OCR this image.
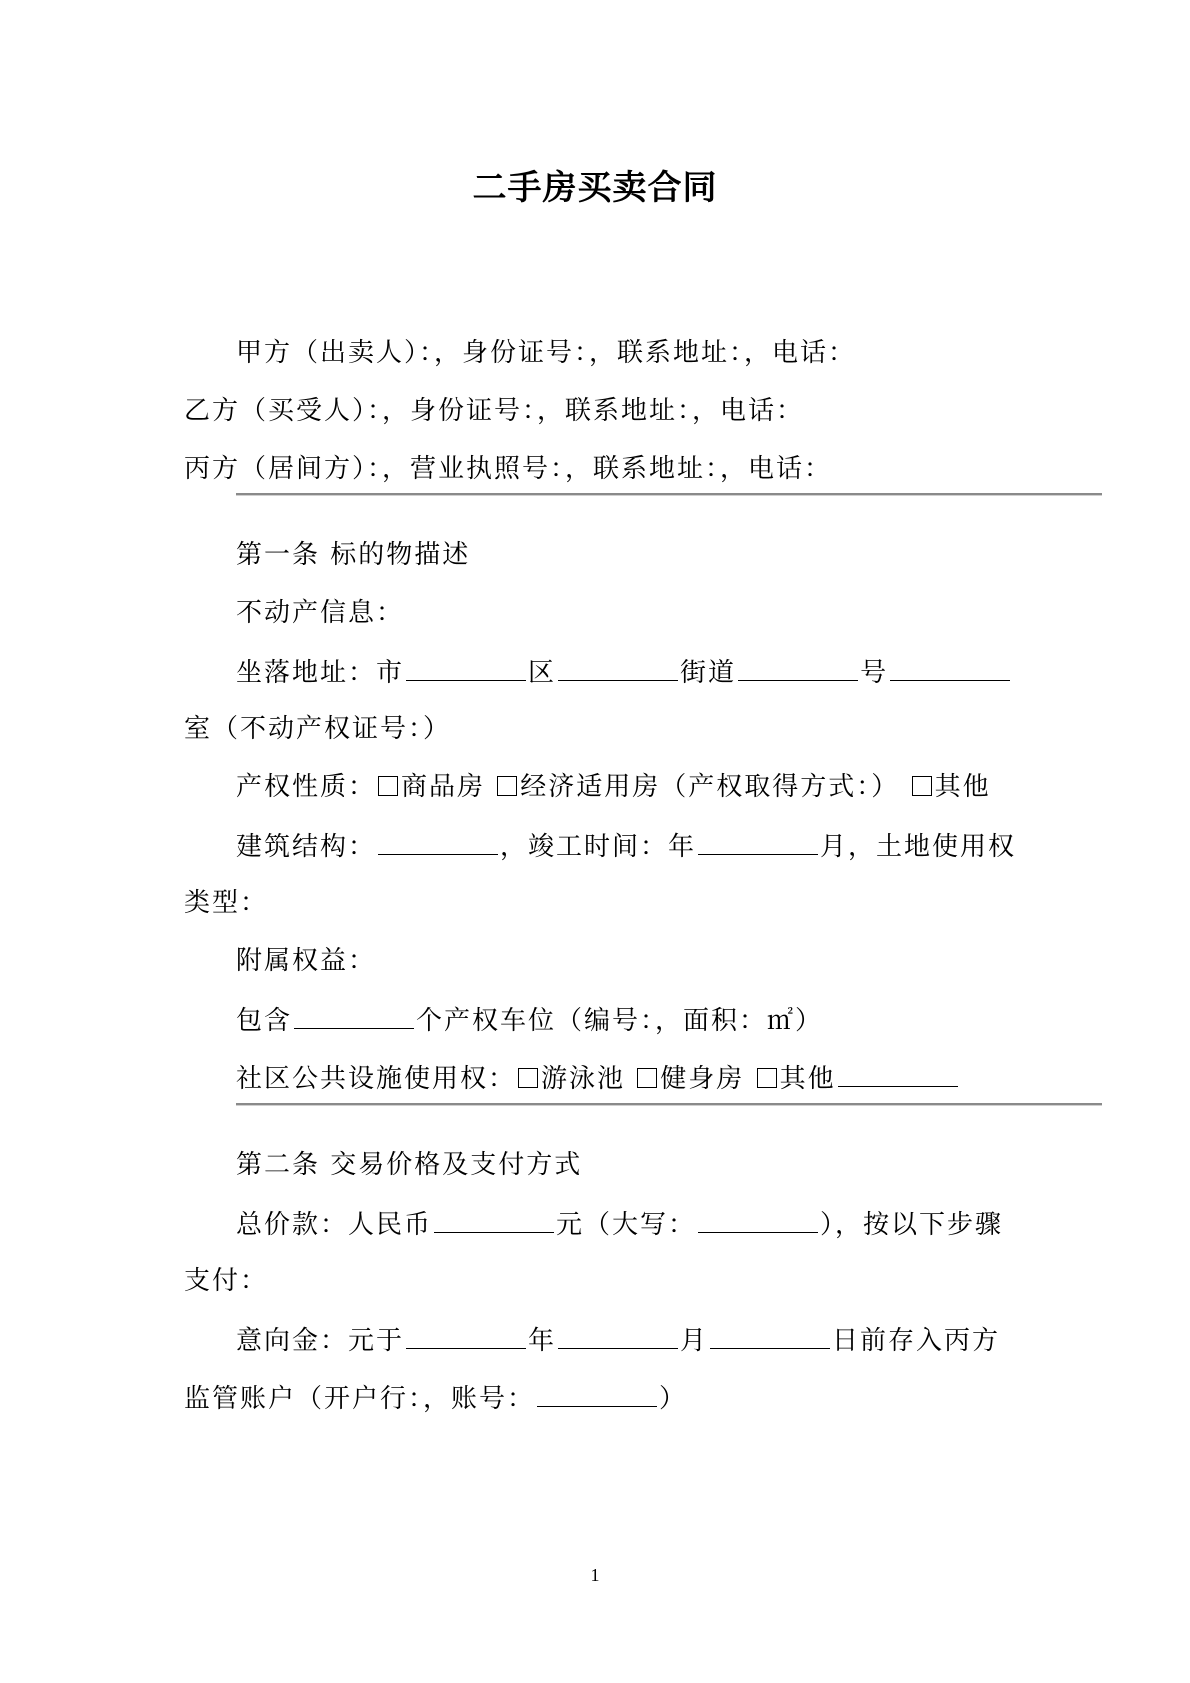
二手房买卖合同
甲方（出卖人）：，身份证号：，联系地址：，电话：
乙方（买受人）：，身份证号：，联系地址：，电话：
丙方（居间方）：，营业执照号：，联系地址：，电话：
第一条 标的物描述
不动产信息：
坐落地址：市	区	街道	号
室（不动产权证号：）
产权性质： 商品房 经济适用房（产权取得方式：） 其他
建筑结构：	，竣工时间：年	月，土地使用权
类型：
附属权益：
包含	个产权车位（编号：，面积：㎡）
社区公共设施使用权： 游泳池 健身房 其他
第二条 交易价格及支付方式
总价款：人民币	元（大写：	），按以下步骤
支付：
意向金：元于	年	月	日前存入丙方
监管账户（开户行：，账号：	）
1
